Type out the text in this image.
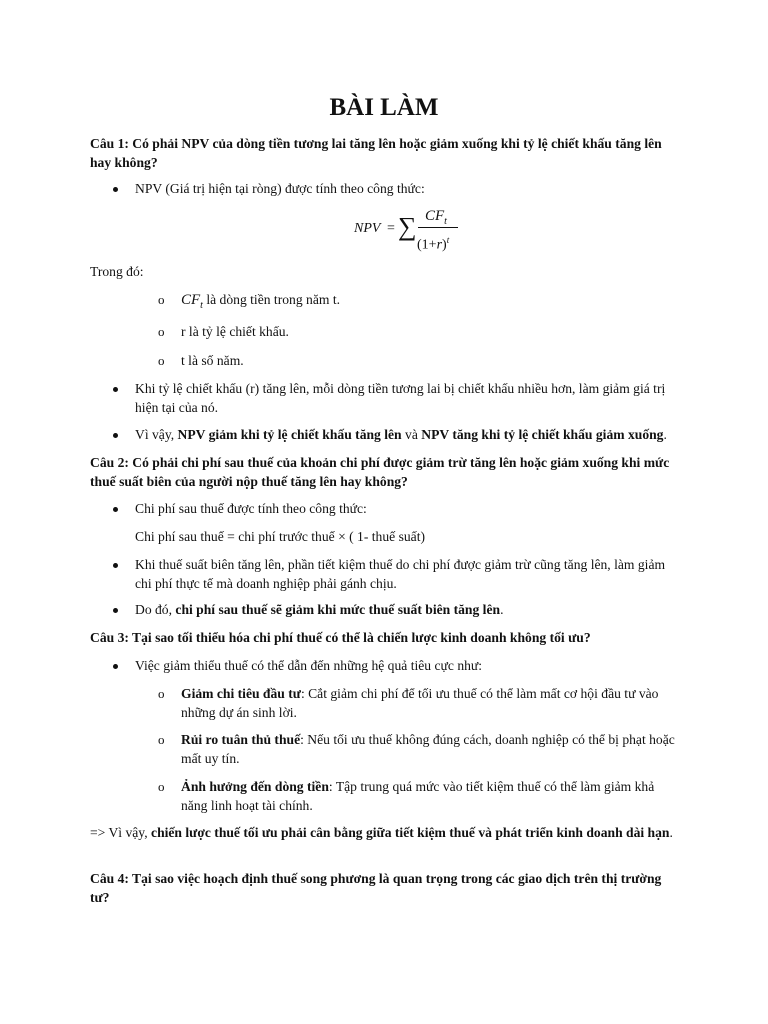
BÀI LÀM
Câu 1: Có phải NPV của dòng tiền tương lai tăng lên hoặc giảm xuống khi tỷ lệ chiết khấu tăng lên hay không?
NPV (Giá trị hiện tại ròng) được tính theo công thức:
NPV = ∑ $CF_t$
$(1+r)^t$
Trong đó:
o $CF_t$ là dòng tiền trong năm t.
o r là tỷ lệ chiết khấu.
o t là số năm.
Khi tỷ lệ chiết khấu (r) tăng lên, mỗi dòng tiền tương lai bị chiết khấu nhiều hơn, làm giảm giá trị hiện tại của nó.
Vì vậy, NPV giảm khi tỷ lệ chiết khấu tăng lên và NPV tăng khi tỷ lệ chiết khấu giảm xuống.
Câu 2: Có phải chi phí sau thuế của khoản chi phí được giảm trừ tăng lên hoặc giảm xuống khi mức thuế suất biên của người nộp thuế tăng lên hay không?
Chi phí sau thuế được tính theo công thức:
Chi phí sau thuế = chi phí trước thuế × ( 1- thuế suất)
Khi thuế suất biên tăng lên, phần tiết kiệm thuế do chi phí được giảm trừ cũng tăng lên, làm giảm chi phí thực tế mà doanh nghiệp phải gánh chịu.
Do đó, chi phí sau thuế sẽ giảm khi mức thuế suất biên tăng lên.
Câu 3: Tại sao tối thiểu hóa chi phí thuế có thể là chiến lược kinh doanh không tối ưu?
Việc giảm thiểu thuế có thể dẫn đến những hệ quả tiêu cực như:
o Giảm chi tiêu đầu tư: Cắt giảm chi phí để tối ưu thuế có thể làm mất cơ hội đầu tư vào những dự án sinh lời.
o Rủi ro tuân thủ thuế: Nếu tối ưu thuế không đúng cách, doanh nghiệp có thể bị phạt hoặc mất uy tín.
o Ảnh hưởng đến dòng tiền: Tập trung quá mức vào tiết kiệm thuế có thể làm giảm khả năng linh hoạt tài chính.
=> Vì vậy, chiến lược thuế tối ưu phải cân bằng giữa tiết kiệm thuế và phát triển kinh doanh dài hạn.
Câu 4: Tại sao việc hoạch định thuế song phương là quan trọng trong các giao dịch trên thị trường tư?
